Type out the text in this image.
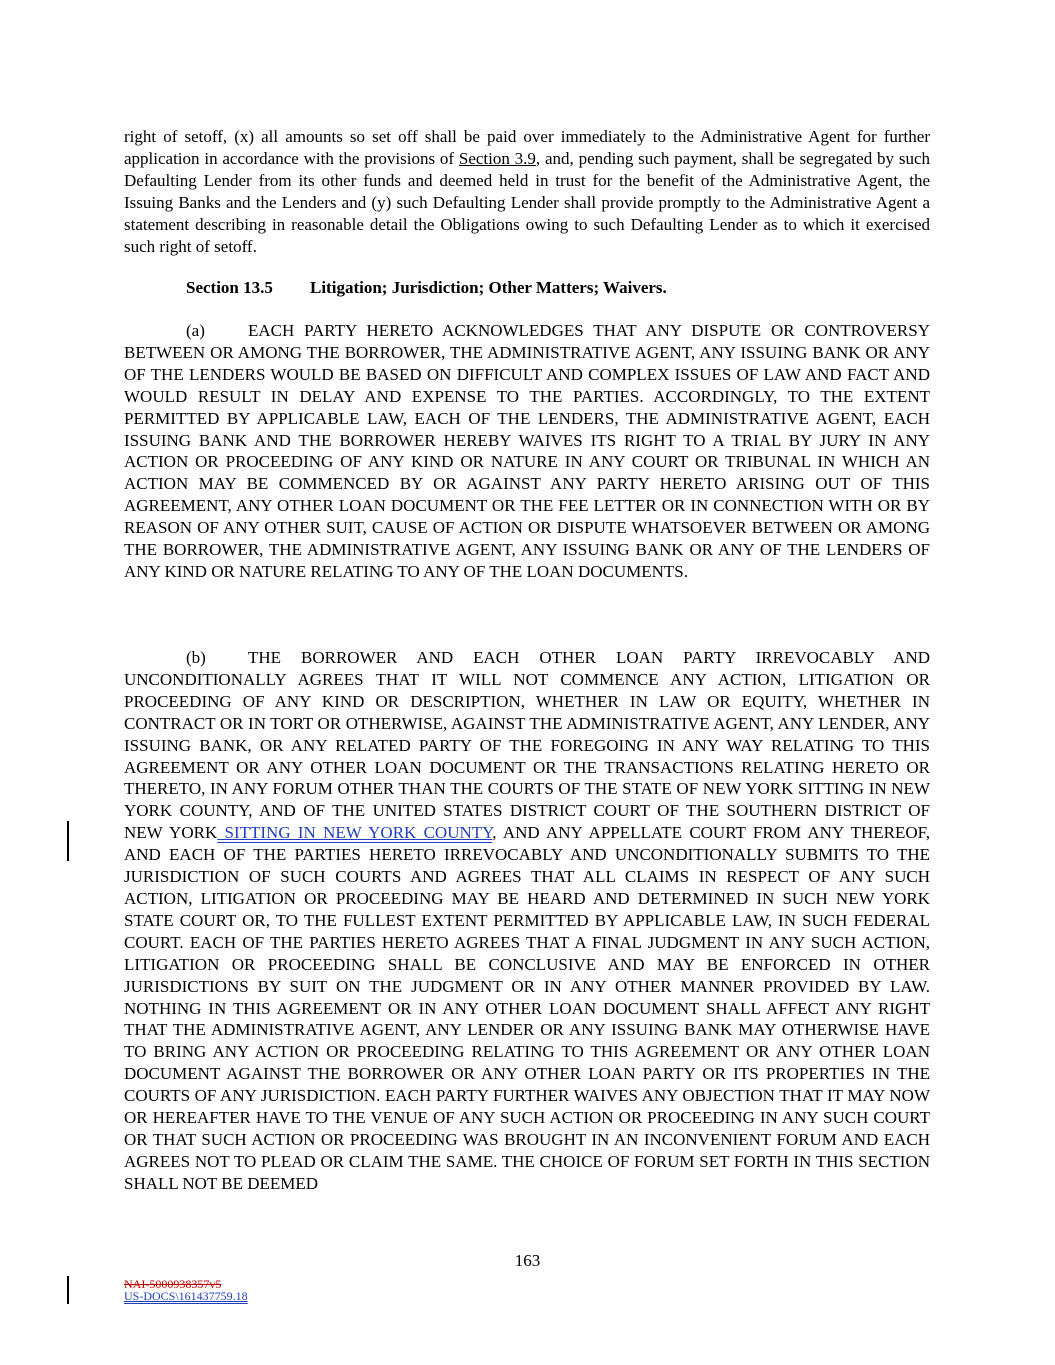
right of setoff, (x) all amounts so set off shall be paid over immediately to the Administrative Agent for further application in accordance with the provisions of Section 3.9, and, pending such payment, shall be segregated by such Defaulting Lender from its other funds and deemed held in trust for the benefit of the Administrative Agent, the Issuing Banks and the Lenders and (y) such Defaulting Lender shall provide promptly to the Administrative Agent a statement describing in reasonable detail the Obligations owing to such Defaulting Lender as to which it exercised such right of setoff.

Section 13.5 Litigation; Jurisdiction; Other Matters; Waivers.

(a)	EACH PARTY HERETO ACKNOWLEDGES THAT ANY DISPUTE OR CONTROVERSY BETWEEN OR AMONG THE BORROWER, THE ADMINISTRATIVE AGENT, ANY ISSUING BANK OR ANY OF THE LENDERS WOULD BE BASED ON DIFFICULT AND COMPLEX ISSUES OF LAW AND FACT AND WOULD RESULT IN DELAY AND EXPENSE TO THE PARTIES. ACCORDINGLY, TO THE EXTENT PERMITTED BY APPLICABLE LAW, EACH OF THE LENDERS, THE ADMINISTRATIVE AGENT, EACH ISSUING BANK AND THE BORROWER HEREBY WAIVES ITS RIGHT TO A TRIAL BY JURY IN ANY ACTION OR PROCEEDING OF ANY KIND OR NATURE IN ANY COURT OR TRIBUNAL IN WHICH AN ACTION MAY BE COMMENCED BY OR AGAINST ANY PARTY HERETO ARISING OUT OF THIS AGREEMENT, ANY OTHER LOAN DOCUMENT OR THE FEE LETTER OR IN CONNECTION WITH OR BY REASON OF ANY OTHER SUIT, CAUSE OF ACTION OR DISPUTE WHATSOEVER BETWEEN OR AMONG THE BORROWER, THE ADMINISTRATIVE AGENT, ANY ISSUING BANK OR ANY OF THE LENDERS OF ANY KIND OR NATURE RELATING TO ANY OF THE LOAN DOCUMENTS.

(b) THE BORROWER AND EACH OTHER LOAN PARTY IRREVOCABLY AND UNCONDITIONALLY AGREES THAT IT WILL NOT COMMENCE ANY ACTION, LITIGATION OR PROCEEDING OF ANY KIND OR DESCRIPTION, WHETHER IN LAW OR EQUITY, WHETHER IN CONTRACT OR IN TORT OR OTHERWISE, AGAINST THE ADMINISTRATIVE AGENT, ANY LENDER, ANY ISSUING BANK, OR ANY RELATED PARTY OF THE FOREGOING IN ANY WAY RELATING TO THIS AGREEMENT OR ANY OTHER LOAN DOCUMENT OR THE TRANSACTIONS RELATING HERETO OR THERETO, IN ANY FORUM OTHER THAN THE COURTS OF THE STATE OF NEW YORK SITTING IN NEW YORK COUNTY, AND OF THE UNITED STATES DISTRICT COURT OF THE SOUTHERN DISTRICT OF NEW YORK SITTING IN NEW YORK COUNTY, AND ANY APPELLATE COURT FROM ANY THEREOF, AND EACH OF THE PARTIES HERETO IRREVOCABLY AND UNCONDITIONALLY SUBMITS TO THE JURISDICTION OF SUCH COURTS AND AGREES THAT ALL CLAIMS IN RESPECT OF ANY SUCH ACTION, LITIGATION OR PROCEEDING MAY BE HEARD AND DETERMINED IN SUCH NEW YORK STATE COURT OR, TO THE FULLEST EXTENT PERMITTED BY APPLICABLE LAW, IN SUCH FEDERAL COURT. EACH OF THE PARTIES HERETO AGREES THAT A FINAL JUDGMENT IN ANY SUCH ACTION, LITIGATION OR PROCEEDING SHALL BE CONCLUSIVE AND MAY BE ENFORCED IN OTHER JURISDICTIONS BY SUIT ON THE JUDGMENT OR IN ANY OTHER MANNER PROVIDED BY LAW. NOTHING IN THIS AGREEMENT OR IN ANY OTHER LOAN DOCUMENT SHALL AFFECT ANY RIGHT THAT THE ADMINISTRATIVE AGENT, ANY LENDER OR ANY ISSUING BANK MAY OTHERWISE HAVE TO BRING ANY ACTION OR PROCEEDING RELATING TO THIS AGREEMENT OR ANY OTHER LOAN DOCUMENT AGAINST THE BORROWER OR ANY OTHER LOAN PARTY OR ITS PROPERTIES IN THE COURTS OF ANY JURISDICTION. EACH PARTY FURTHER WAIVES ANY OBJECTION THAT IT MAY NOW OR HEREAFTER HAVE TO THE VENUE OF ANY SUCH ACTION OR PROCEEDING IN ANY SUCH COURT OR THAT SUCH ACTION OR PROCEEDING WAS BROUGHT IN AN INCONVENIENT FORUM AND EACH AGREES NOT TO PLEAD OR CLAIM THE SAME. THE CHOICE OF FORUM SET FORTH IN THIS SECTION SHALL NOT BE DEEMED

163
NAI-5000938357v5
US-DOCS\161437759.18
